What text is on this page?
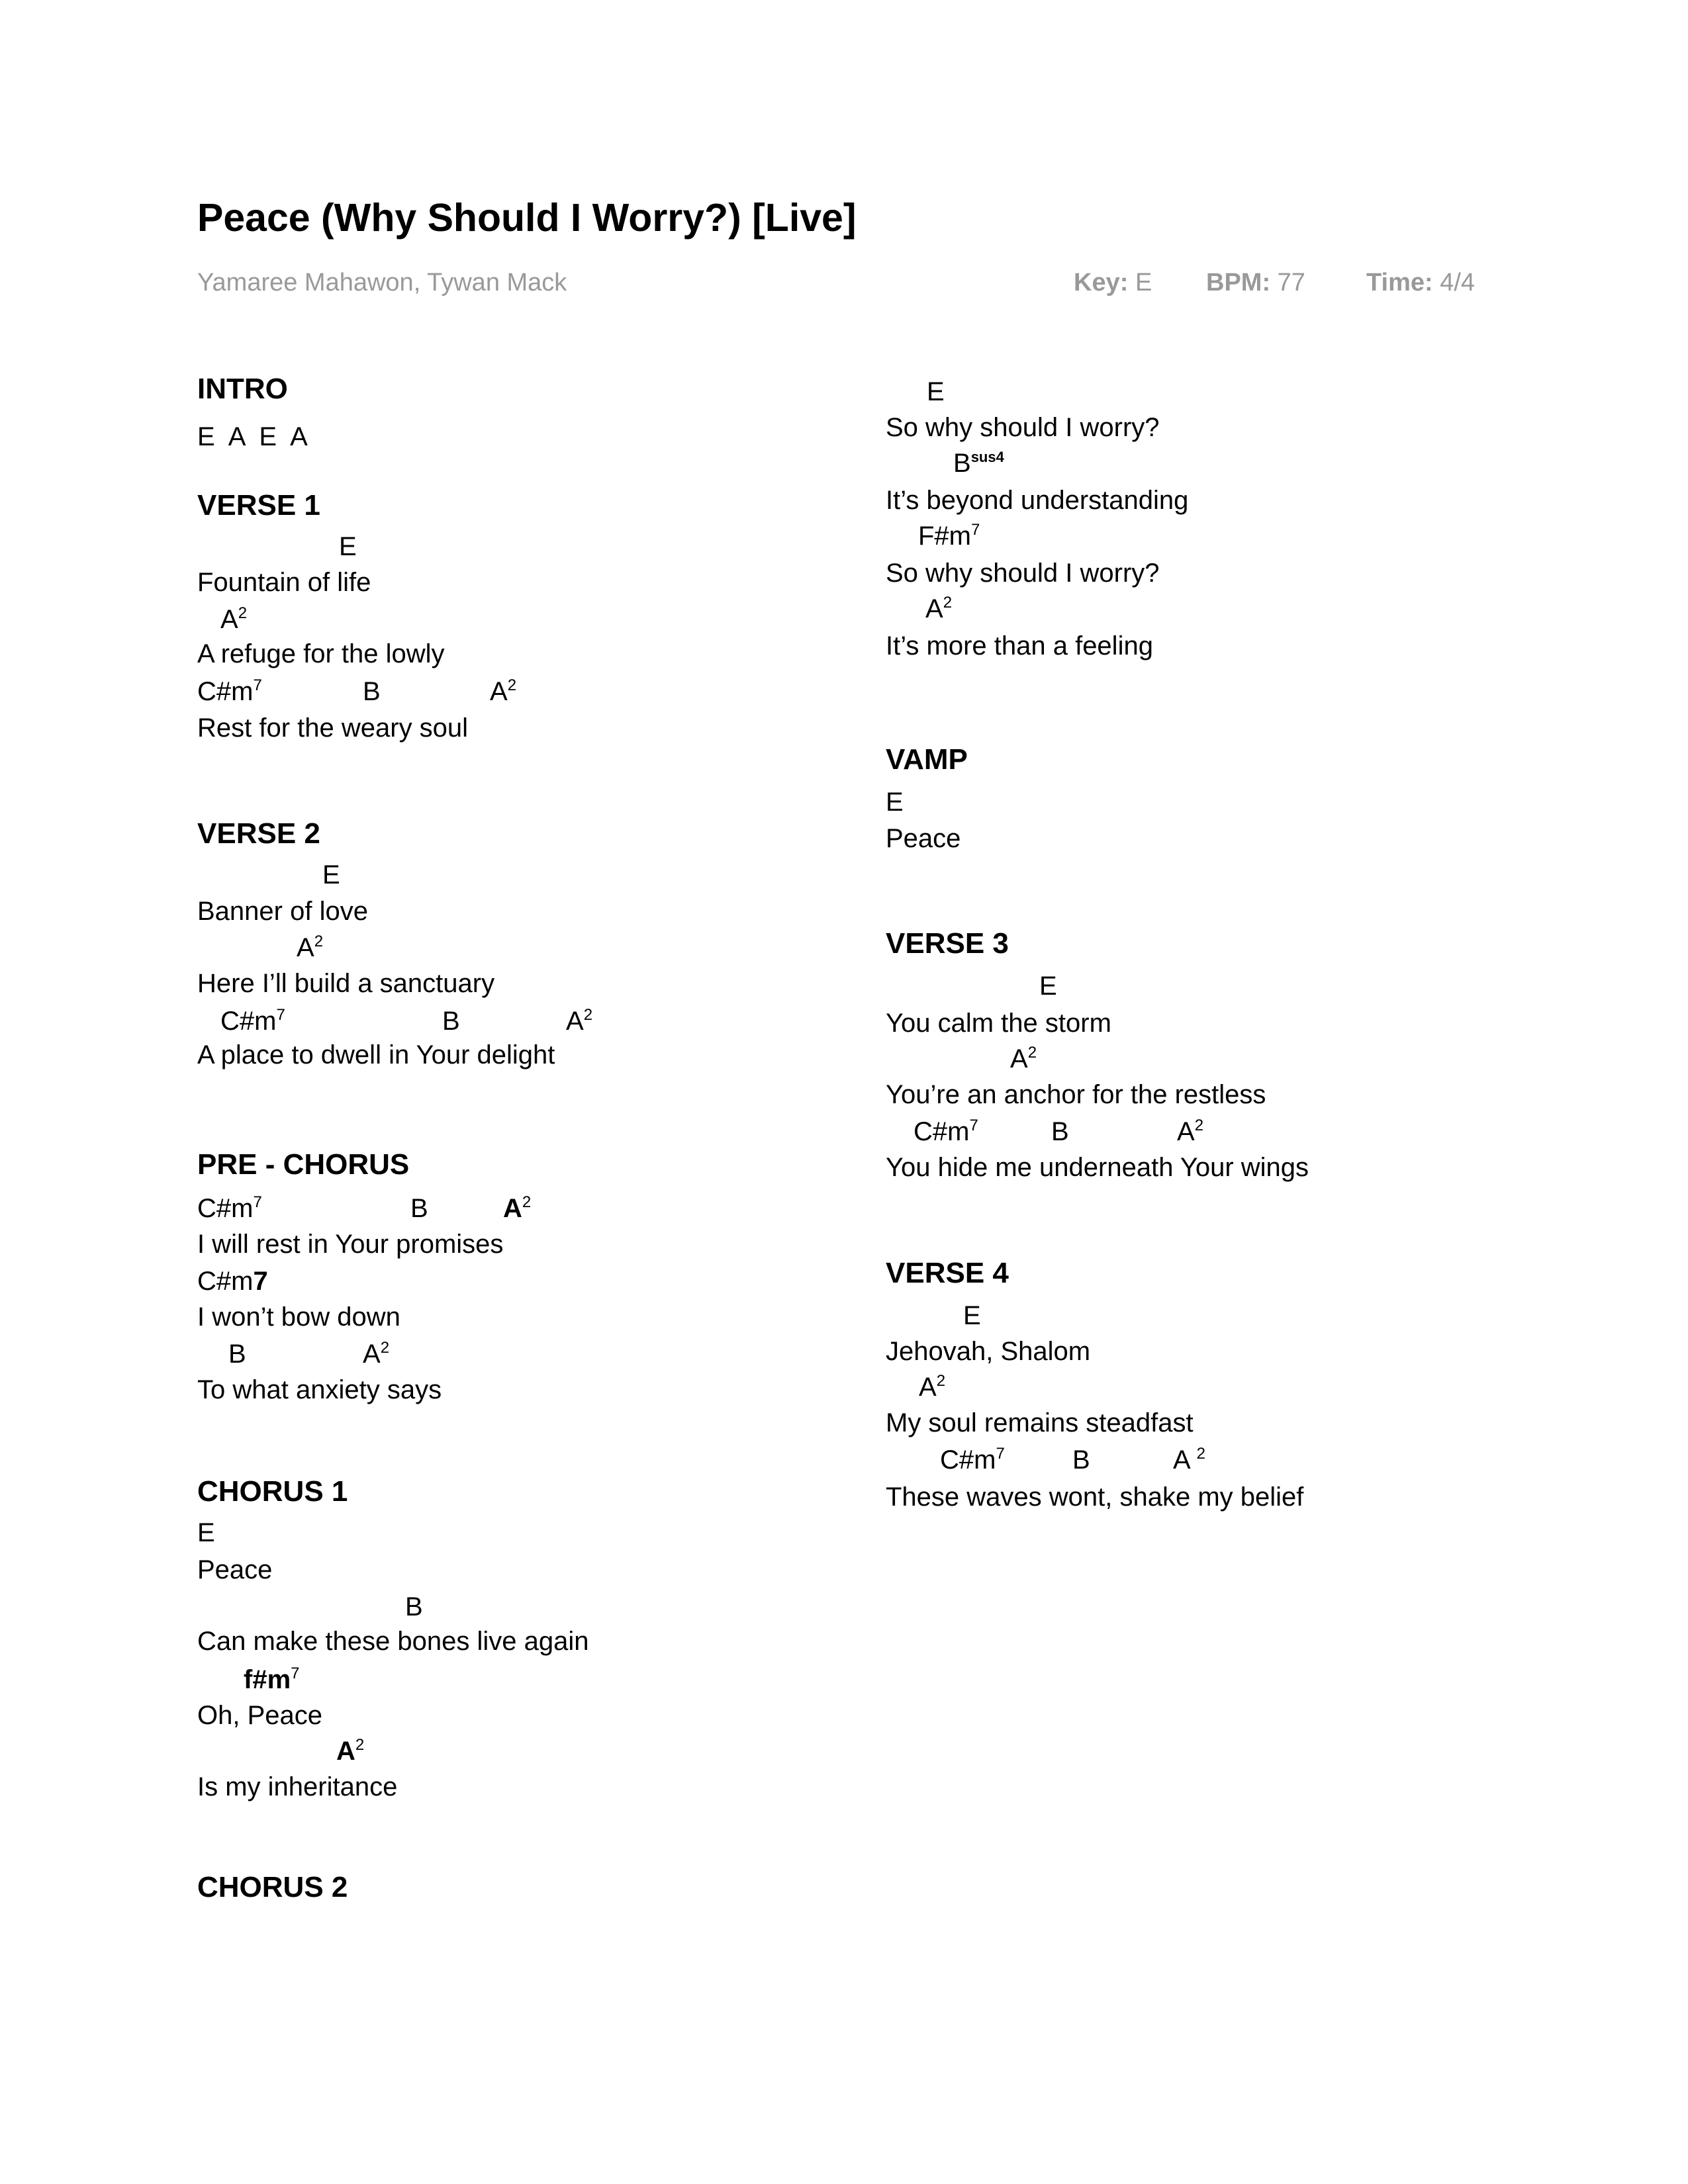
Peace (Why Should I Worry?) [Live]
Yamaree Mahawon, Tywan Mack	Key: E BPM: 77 Time: 4/4
INTRO
E  A  E  A
VERSE 1
E
Fountain of life
$A^2$
A refuge for the lowly
$C\#m^7$	B	$A^2$
Rest for the weary soul
VERSE 2
E
Banner of love
$A^2$
Here I’ll build a sanctuary
$C\#m^7$	B	$A^2$
A place to dwell in Your delight
PRE - CHORUS
$C\#m^7$	B	$A^2$
I will rest in Your promises
C#m7
I won’t bow down
B	$A^2$
To what anxiety says
CHORUS 1
E
Peace
B
Can make these bones live again
$f\#m^7$
Oh, Peace
$A^2$
Is my inheritance
CHORUS 2
E
So why should I worry?
$B^{sus4}$
It’s beyond understanding
$F\#m^7$
So why should I worry?
$A^2$
It’s more than a feeling
VAMP
E
Peace
VERSE 3
E
You calm the storm
$A^2$
You’re an anchor for the restless
$C\#m^7$	B	$A^2$
You hide me underneath Your wings
VERSE 4
E
Jehovah, Shalom
$A^2$
My soul remains steadfast
$C\#m^7$	B	A $^2$
These waves wont, shake my belief
